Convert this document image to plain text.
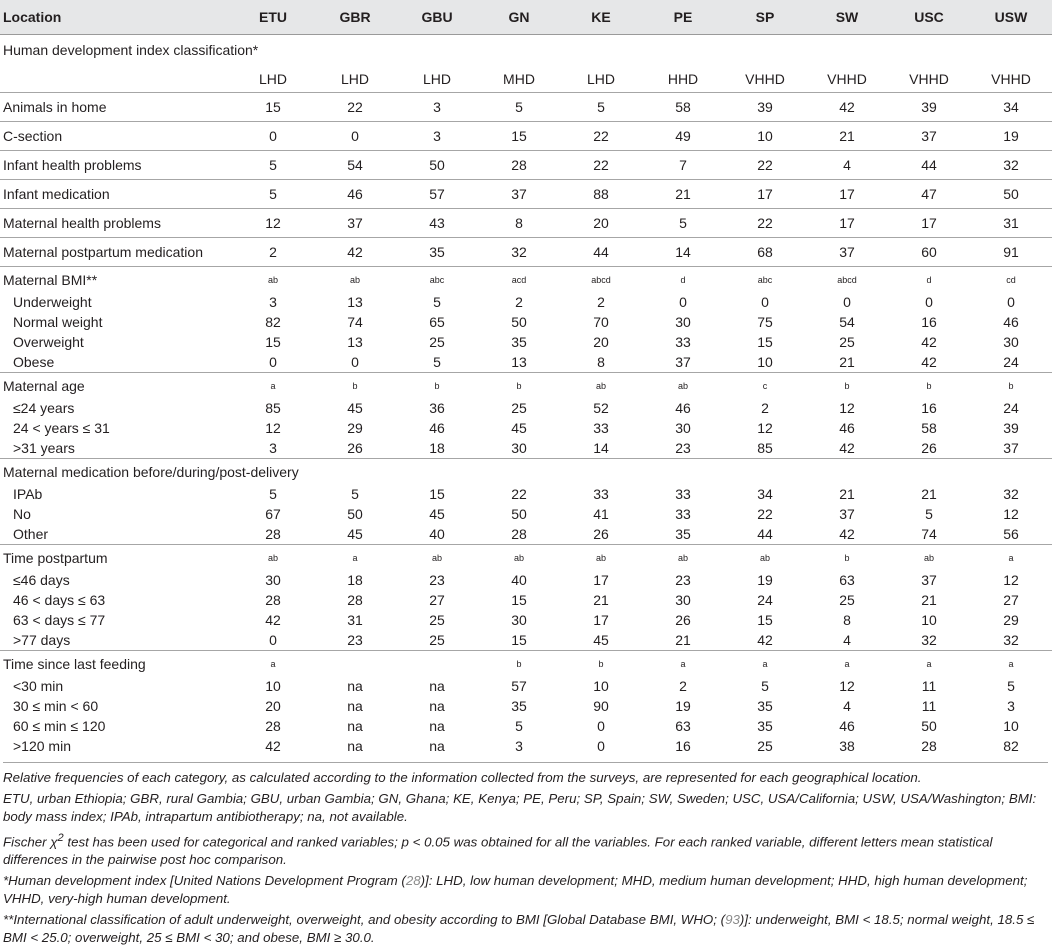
Location	ETU	GBR	GBU	GN	KE	PE	SP	SW	USC	USW
Human development index classification*										
	LHD	LHD	LHD	MHD	LHD	HHD	VHHD	VHHD	VHHD	VHHD
Animals in home	15	22	3	5	5	58	39	42	39	34
C-section	0	0	3	15	22	49	10	21	37	19
Infant health problems	5	54	50	28	22	7	22	4	44	32
Infant medication	5	46	57	37	88	21	17	17	47	50
Maternal health problems	12	37	43	8	20	5	22	17	17	31
Maternal postpartum medication	2	42	35	32	44	14	68	37	60	91
Maternal BMI**	ab	ab	abc	acd	abcd	d	abc	abcd	d	cd
Underweight	3	13	5	2	2	0	0	0	0	0
Normal weight	82	74	65	50	70	30	75	54	16	46
Overweight	15	13	25	35	20	33	15	25	42	30
Obese	0	0	5	13	8	37	10	21	42	24
Maternal age	a	b	b	b	ab	ab	c	b	b	b
≤24 years	85	45	36	25	52	46	2	12	16	24
24 < years ≤ 31	12	29	46	45	33	30	12	46	58	39
>31 years	3	26	18	30	14	23	85	42	26	37
Maternal medication before/during/post-delivery										
IPAb	5	5	15	22	33	33	34	21	21	32
No	67	50	45	50	41	33	22	37	5	12
Other	28	45	40	28	26	35	44	42	74	56
Time postpartum	ab	a	ab	ab	ab	ab	ab	b	ab	a
≤46 days	30	18	23	40	17	23	19	63	37	12
46 < days ≤ 63	28	28	27	15	21	30	24	25	21	27
63 < days ≤ 77	42	31	25	30	17	26	15	8	10	29
>77 days	0	23	25	15	45	21	42	4	32	32
Time since last feeding	a			b	b	a	a	a	a	a
<30 min	10	na	na	57	10	2	5	12	11	5
30 ≤ min < 60	20	na	na	35	90	19	35	4	11	3
60 ≤ min ≤ 120	28	na	na	5	0	63	35	46	50	10
>120 min	42	na	na	3	0	16	25	38	28	82

Relative frequencies of each category, as calculated according to the information collected from the surveys, are represented for each geographical location.

ETU, urban Ethiopia; GBR, rural Gambia; GBU, urban Gambia; GN, Ghana; KE, Kenya; PE, Peru; SP, Spain; SW, Sweden; USC, USA/California; USW, USA/Washington; BMI: body mass index; IPAb, intrapartum antibiotherapy; na, not available.

Fischer $\chi^2$ test has been used for categorical and ranked variables; p < 0.05 was obtained for all the variables. For each ranked variable, different letters mean statistical differences in the pairwise post hoc comparison.

*Human development index [United Nations Development Program (28)]: LHD, low human development; MHD, medium human development; HHD, high human development; VHHD, very-high human development.

**International classification of adult underweight, overweight, and obesity according to BMI [Global Database BMI, WHO; (93)]: underweight, BMI < 18.5; normal weight, 18.5 ≤ BMI < 25.0; overweight, 25 ≤ BMI < 30; and obese, BMI ≥ 30.0.
